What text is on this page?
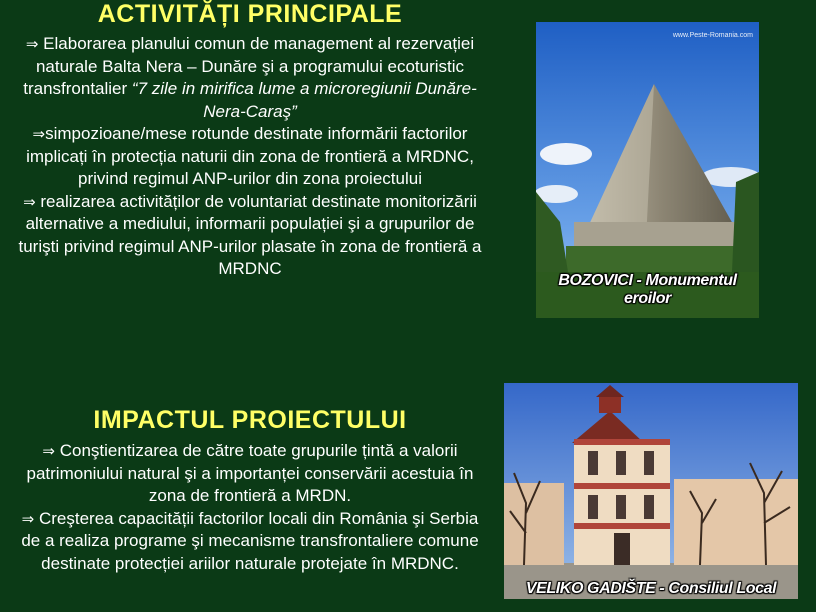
ACTIVITĂȚI PRINCIPALE

⇒ Elaborarea planului comun de management al rezervației naturale Balta Nera – Dunăre şi a programului ecoturistic transfrontalier “7 zile in mirifica lume a microregiunii Dunăre- Nera-Caraş”

⇒simpozioane/mese rotunde destinate informării factorilor implicați în protecția naturii din zona de frontieră a MRDNC, privind regimul ANP-urilor din zona proiectului

⇒ realizarea activităților de voluntariat destinate monitorizării alternative a mediului, informarii populației şi a grupurilor de turişti privind regimul ANP-urilor plasate în zona de frontieră a MRDNC

IMPACTUL PROIECTULUI

⇒ Conştientizarea de către toate grupurile țintă a valorii patrimoniului natural şi a importanței conservării acestuia în zona de frontieră a MRDN.

⇒ Creşterea capacității factorilor locali din România şi Serbia de a realiza programe şi mecanisme transfrontaliere comune destinate protecției ariilor naturale protejate în MRDNC.

www.Peste-Romania.com
BOZOVICI - Monumentul eroilor
VELIKO GADIŠTE - Consiliul Local
